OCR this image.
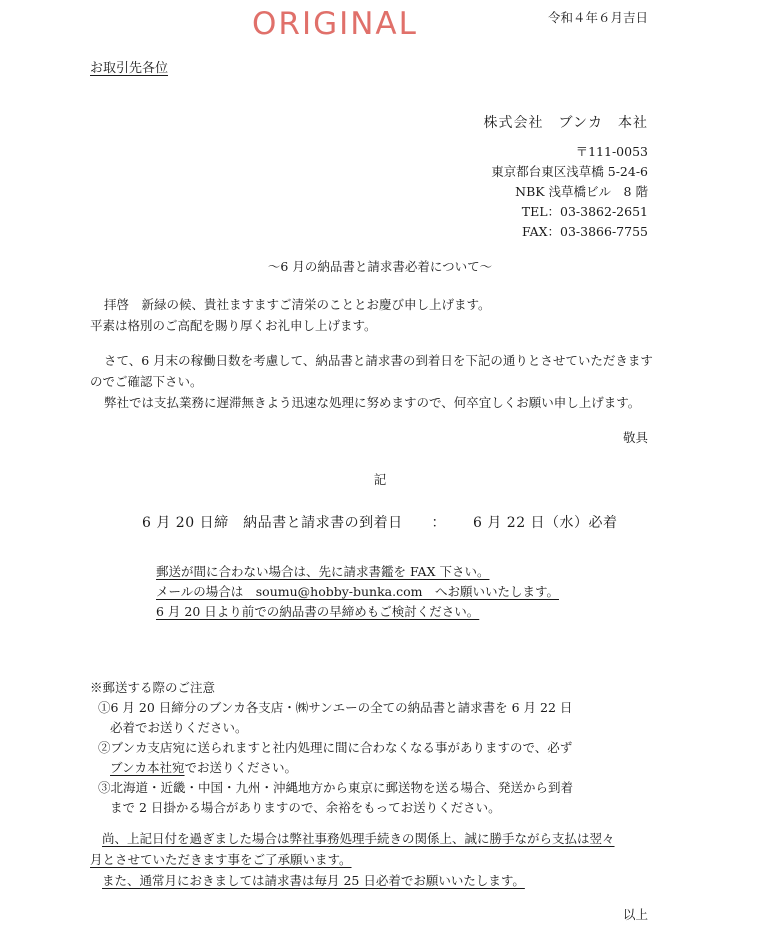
ORIGINAL	令和４年６月吉日
お取引先各位
株式会社　ブンカ　本社
〒111-0053
東京都台東区浅草橋 5-24-6
NBK 浅草橋ビル　8 階
TEL：03-3862-2651
FAX：03-3866-7755
～6 月の納品書と請求書必着について～
拝啓　新緑の候、貴社ますますご清栄のこととお慶び申し上げます。
平素は格別のご高配を賜り厚くお礼申し上げます。
さて、6 月末の稼働日数を考慮して、納品書と請求書の到着日を下記の通りとさせていただきますのでご確認下さい。
弊社では支払業務に遅滞無きよう迅速な処理に努めますので、何卒宜しくお願い申し上げます。
敬具
記
6 月 20 日締　納品書と請求書の到着日 ： 6 月 22 日（水）必着
郵送が間に合わない場合は、先に請求書鑑を FAX 下さい。
メールの場合は　soumu@hobby-bunka.com　へお願いいたします。
6 月 20 日より前での納品書の早締めもご検討ください。
※郵送する際のご注意
①6 月 20 日締分のブンカ各支店・㈱サンエーの全ての納品書と請求書を 6 月 22 日
必着でお送りください。
②ブンカ支店宛に送られますと社内処理に間に合わなくなる事がありますので、必ず
ブンカ本社宛でお送りください。
③北海道・近畿・中国・九州・沖縄地方から東京に郵送物を送る場合、発送から到着
まで 2 日掛かる場合がありますので、余裕をもってお送りください。
尚、上記日付を過ぎました場合は弊社事務処理手続きの関係上、誠に勝手ながら支払は翌々
月とさせていただきます事をご了承願います。
また、通常月におきましては請求書は毎月 25 日必着でお願いいたします。
以上
